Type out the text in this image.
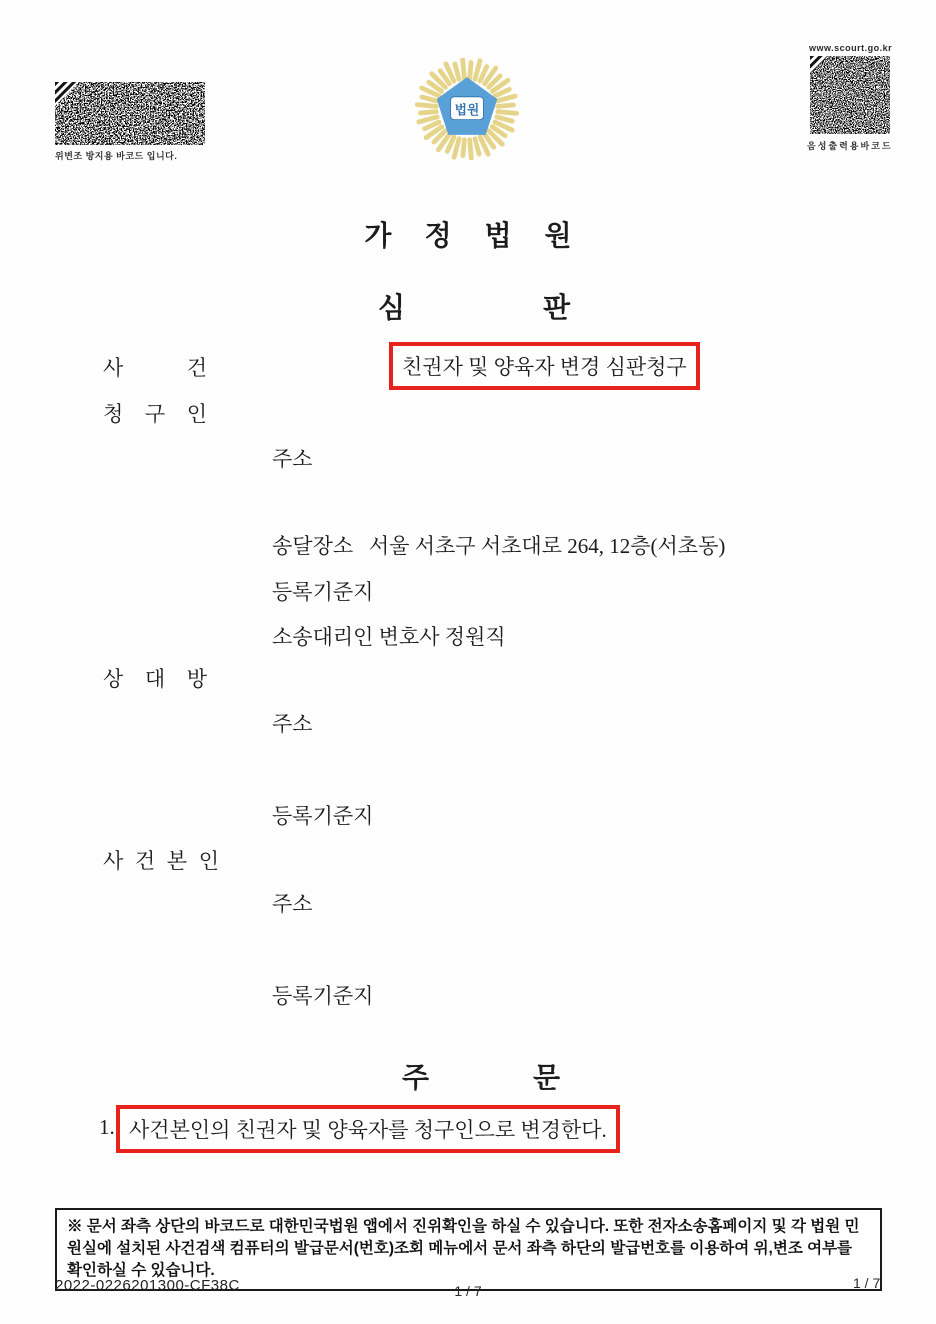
위변조 방지용 바코드 입니다.
법원
www.scourt.go.kr
음성출력용바코드
가 정 법 원
심	판
사 건	친권자 및 양육자 변경 심판청구
청 구 인
주소
송달장소   서울 서초구 서초대로 264, 12층(서초동)
등록기준지
소송대리인 변호사 정원직
상 대 방
주소
등록기준지
사 건 본 인
주소
등록기준지
주	문
1. 사건본인의 친권자 및 양육자를 청구인으로 변경한다.
※ 문서 좌측 상단의 바코드로 대한민국법원 앱에서 진위확인을 하실 수 있습니다. 또한 전자소송홈페이지 및 각 법원 민원실에 설치된 사건검색 컴퓨터의 발급문서(번호)조회 메뉴에서 문서 좌측 하단의 발급번호를 이용하여 위,변조 여부를 확인하실 수 있습니다.
2022-0226201300-CF38C	1 / 7	1 / 7
